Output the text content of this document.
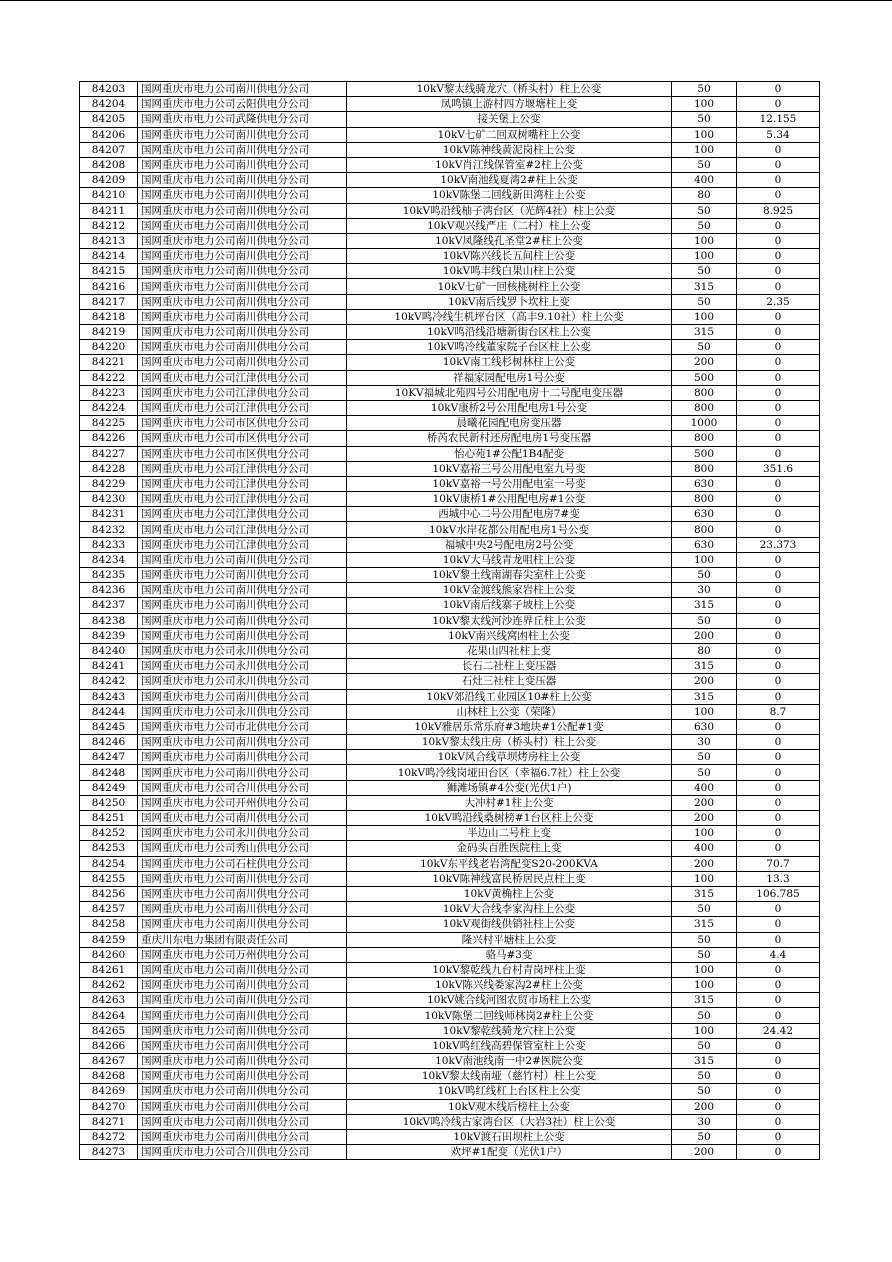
84203	国网重庆市电力公司南川供电分公司	10kV黎太线骑龙穴（桥头村）柱上公变	50	0
84204	国网重庆市电力公司云阳供电分公司	凤鸣镇上游村四方堰塘柱上变	100	0
84205	国网重庆市电力公司武隆供电分公司	接关堡上公变	50	12.155
84206	国网重庆市电力公司南川供电分公司	10kV七矿二回双树嘴柱上公变	100	5.34
84207	国网重庆市电力公司南川供电分公司	10kV陈神线黄泥岗柱上公变	100	0
84208	国网重庆市电力公司南川供电分公司	10kV肖江线保管室#2柱上公变	50	0
84209	国网重庆市电力公司南川供电分公司	10kV南池线夏湾2#柱上公变	400	0
84210	国网重庆市电力公司南川供电分公司	10kV陈堡二回线新田湾柱上公变	80	0
84211	国网重庆市电力公司南川供电分公司	10kV鸣沿线柚子湾台区（光辉4社）柱上公变	50	8.925
84212	国网重庆市电力公司南川供电分公司	10kV观兴线严庄（二村）柱上公变	50	0
84213	国网重庆市电力公司南川供电分公司	10kV凤隆线孔圣堂2#柱上公变	100	0
84214	国网重庆市电力公司南川供电分公司	10kV陈兴线长五间柱上公变	100	0
84215	国网重庆市电力公司南川供电分公司	10kV鸣丰线白果山柱上公变	50	0
84216	国网重庆市电力公司南川供电分公司	10kV七矿一回核桃树柱上公变	315	0
84217	国网重庆市电力公司南川供电分公司	10kV南后线罗卜坎柱上变	50	2.35
84218	国网重庆市电力公司南川供电分公司	10kV鸣冷线生机坪台区（高丰9.10社）柱上公变	100	0
84219	国网重庆市电力公司南川供电分公司	10kV鸣沿线沿塘新街台区柱上公变	315	0
84220	国网重庆市电力公司南川供电分公司	10kV鸣冷线董家院子台区柱上公变	50	0
84221	国网重庆市电力公司南川供电分公司	10kV南工线杉树林柱上公变	200	0
84222	国网重庆市电力公司江津供电分公司	祥福家园配电房1号公变	500	0
84223	国网重庆市电力公司江津供电分公司	10KV福城北苑四号公用配电房十二号配电变压器	800	0
84224	国网重庆市电力公司江津供电分公司	10kV康桥2号公用配电房1号公变	800	0
84225	国网重庆市电力公司市区供电分公司	晨曦花园配电房变压器	1000	0
84226	国网重庆市电力公司市区供电分公司	桥芮农民新村还房配电房1号变压器	800	0
84227	国网重庆市电力公司市区供电分公司	怡心苑1#公配1B4配变	500	0
84228	国网重庆市电力公司江津供电分公司	10kV嘉裕三号公用配电室九号变	800	351.6
84229	国网重庆市电力公司江津供电分公司	10kV嘉裕一号公用配电室一号变	630	0
84230	国网重庆市电力公司江津供电分公司	10kV康桥1#公用配电房#1公变	800	0
84231	国网重庆市电力公司江津供电分公司	西城中心二号公用配电房7#变	630	0
84232	国网重庆市电力公司江津供电分公司	10kV水岸花都公用配电房1号公变	800	0
84233	国网重庆市电力公司江津供电分公司	福城中央2号配电房2号公变	630	23.373
84234	国网重庆市电力公司南川供电分公司	10kV大马线青龙咀柱上公变	100	0
84235	国网重庆市电力公司南川供电分公司	10kV黎土线南湖春尖室柱上公变	50	0
84236	国网重庆市电力公司南川供电分公司	10kV金渡线熊家岩柱上公变	30	0
84237	国网重庆市电力公司南川供电分公司	10kV南后线寨子坡柱上公变	315	0
84238	国网重庆市电力公司南川供电分公司	10kV黎太线河沙连界丘柱上公变	50	0
84239	国网重庆市电力公司南川供电分公司	10kV南兴线窝凼柱上公变	200	0
84240	国网重庆市电力公司永川供电分公司	花果山四社柱上变	80	0
84241	国网重庆市电力公司永川供电分公司	长石二社柱上变压器	315	0
84242	国网重庆市电力公司永川供电分公司	石灶三社柱上变压器	200	0
84243	国网重庆市电力公司南川供电分公司	10kV郊沿线工业园区10#柱上公变	315	0
84244	国网重庆市电力公司永川供电分公司	山林柱上公变（荣隆）	100	8.7
84245	国网重庆市电力公司市北供电分公司	10kV雅居乐常乐府#3地块#1公配#1变	630	0
84246	国网重庆市电力公司南川供电分公司	10kV黎太线庄房（桥头村）柱上公变	30	0
84247	国网重庆市电力公司南川供电分公司	10kV风合线草坝烤房柱上公变	50	0
84248	国网重庆市电力公司南川供电分公司	10kV鸣冷线岗垭田台区（幸福6.7社）柱上公变	50	0
84249	国网重庆市电力公司合川供电分公司	狮滩场镇#4公变(光伏1户)	400	0
84250	国网重庆市电力公司开州供电分公司	大冲村#1柱上公变	200	0
84251	国网重庆市电力公司南川供电分公司	10kV鸣沿线桑树榜#1台区柱上公变	200	0
84252	国网重庆市电力公司永川供电分公司	半边山二号柱上变	100	0
84253	国网重庆市电力公司秀山供电分公司	金码头百胜医院柱上变	400	0
84254	国网重庆市电力公司石柱供电分公司	10kV东平线老岩湾配变S20-200KVA	200	70.7
84255	国网重庆市电力公司南川供电分公司	10kV陈神线富民桥居民点柱上变	100	13.3
84256	国网重庆市电力公司南川供电分公司	10kV黄桷柱上公变	315	106.785
84257	国网重庆市电力公司南川供电分公司	10kV大合线李家沟柱上公变	50	0
84258	国网重庆市电力公司南川供电分公司	10kV观街线供销社柱上公变	315	0
84259	重庆川东电力集团有限责任公司	隆兴村平塘柱上公变	50	0
84260	国网重庆市电力公司万州供电分公司	骆马#3变	50	4.4
84261	国网重庆市电力公司南川供电分公司	10kV黎乾线九台村青岗坪柱上变	100	0
84262	国网重庆市电力公司南川供电分公司	10kV陈兴线娄家沟2#柱上公变	100	0
84263	国网重庆市电力公司南川供电分公司	10kV姚合线河图农贸市场柱上公变	315	0
84264	国网重庆市电力公司南川供电分公司	10kV陈堡二回线师林岗2#柱上公变	50	0
84265	国网重庆市电力公司南川供电分公司	10kV黎乾线骑龙穴柱上公变	100	24.42
84266	国网重庆市电力公司南川供电分公司	10kV鸣红线高碧保管室柱上公变	50	0
84267	国网重庆市电力公司南川供电分公司	10kV南池线南一中2#医院公变	315	0
84268	国网重庆市电力公司南川供电分公司	10kV黎太线南垭（慈竹村）柱上公变	50	0
84269	国网重庆市电力公司南川供电分公司	10kV鸣红线杠上台区柱上公变	50	0
84270	国网重庆市电力公司南川供电分公司	10kV观木线后榜柱上公变	200	0
84271	国网重庆市电力公司南川供电分公司	10kV鸣冷线古家湾台区（大岩3社）柱上公变	30	0
84272	国网重庆市电力公司南川供电分公司	10kV渡石田坝柱上公变	50	0
84273	国网重庆市电力公司合川供电分公司	欢坪#1配变（光伏1户）	200	0
